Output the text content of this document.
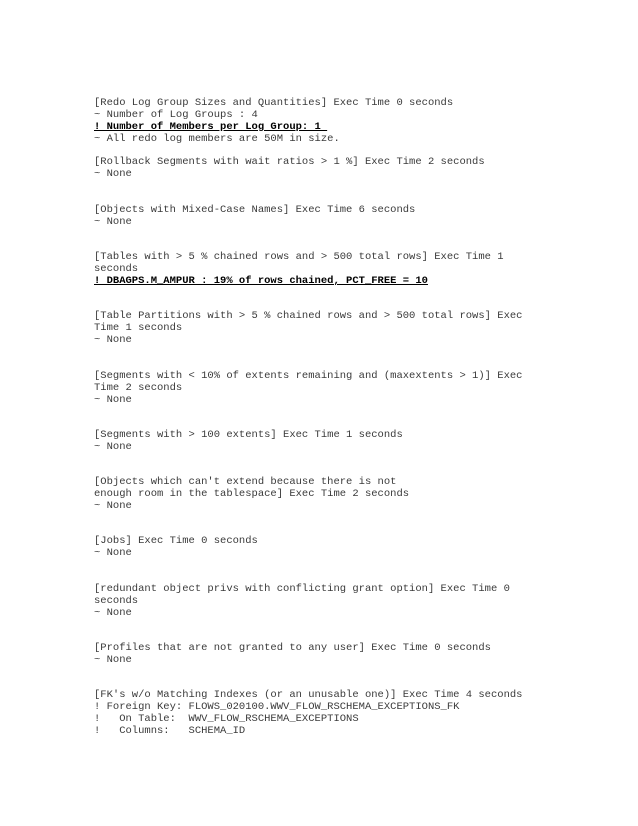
[Redo Log Group Sizes and Quantities] Exec Time 0 seconds
~ Number of Log Groups : 4
! Number of Members per Log Group: 1
~ All redo log members are 50M in size.
[Rollback Segments with wait ratios > 1 %] Exec Time 2 seconds
~ None
[Objects with Mixed-Case Names] Exec Time 6 seconds
~ None
[Tables with > 5 % chained rows and > 500 total rows] Exec Time 1
seconds
! DBAGPS.M_AMPUR : 19% of rows chained, PCT_FREE = 10
[Table Partitions with > 5 % chained rows and > 500 total rows] Exec
Time 1 seconds
~ None
[Segments with < 10% of extents remaining and (maxextents > 1)] Exec
Time 2 seconds
~ None
[Segments with > 100 extents] Exec Time 1 seconds
~ None
[Objects which can't extend because there is not
enough room in the tablespace] Exec Time 2 seconds
~ None
[Jobs] Exec Time 0 seconds
~ None
[redundant object privs with conflicting grant option] Exec Time 0
seconds
~ None
[Profiles that are not granted to any user] Exec Time 0 seconds
~ None
[FK's w/o Matching Indexes (or an unusable one)] Exec Time 4 seconds
! Foreign Key: FLOWS_020100.WWV_FLOW_RSCHEMA_EXCEPTIONS_FK
!   On Table:  WWV_FLOW_RSCHEMA_EXCEPTIONS
!   Columns:   SCHEMA_ID
